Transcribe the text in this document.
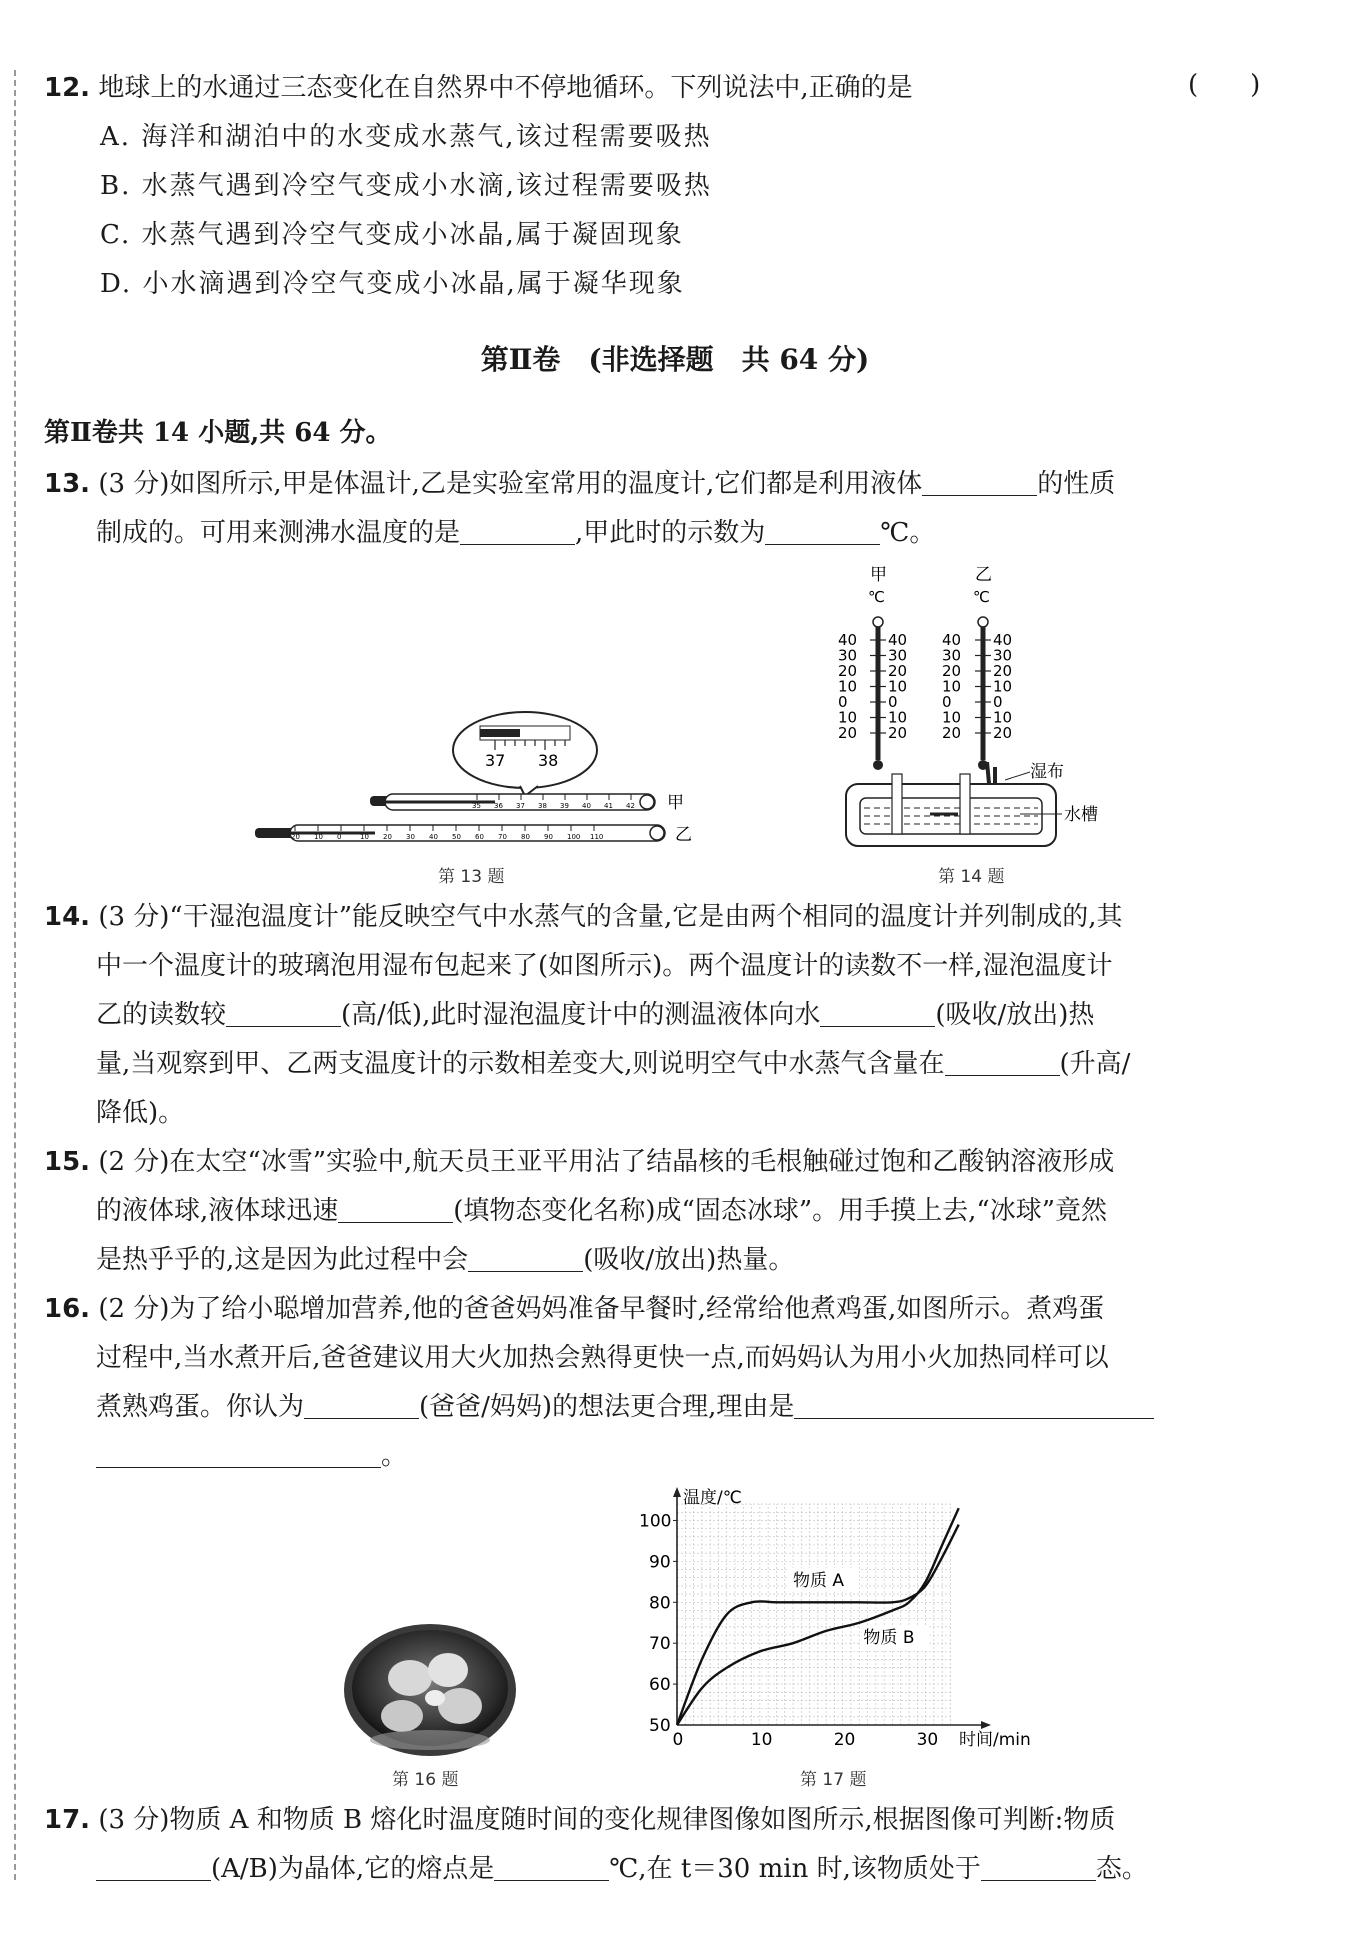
12. 地球上的水通过三态变化在自然界中不停地循环。下列说法中,正确的是	(　　)
A. 海洋和湖泊中的水变成水蒸气,该过程需要吸热
B. 水蒸气遇到冷空气变成小水滴,该过程需要吸热
C. 水蒸气遇到冷空气变成小冰晶,属于凝固现象
D. 小水滴遇到冷空气变成小冰晶,属于凝华现象
第Ⅱ卷　(非选择题　共 64 分)
第Ⅱ卷共 14 小题,共 64 分。
13. (3 分)如图所示,甲是体温计,乙是实验室常用的温度计,它们都是利用液体	的性质

制成的。可用来测沸水温度的是	,甲此时的示数为	℃。
37 38
35 36 37 38 39 40 41 42 甲
20 10 0	10 20 30 40 50 60 70 80 90 100 110	乙
第 13 题
甲	乙
℃	℃
40 40
30 30
20 20
10 10
0	0
10 10
20 20
40 40
30 30
20 20
10 10
0	0
10 10
20 20
湿布
水槽
第 14 题
14. (3 分)“干湿泡温度计”能反映空气中水蒸气的含量,它是由两个相同的温度计并列制成的,其

中一个温度计的玻璃泡用湿布包起来了(如图所示)。两个温度计的读数不一样,湿泡温度计
乙的读数较	(高/低),此时湿泡温度计中的测温液体向水	(吸收/放出)热
量,当观察到甲、乙两支温度计的示数相差变大,则说明空气中水蒸气含量在	(升高/
降低)。
15. (2 分)在太空“冰雪”实验中,航天员王亚平用沾了结晶核的毛根触碰过饱和乙酸钠溶液形成

的液体球,液体球迅速	(填物态变化名称)成“固态冰球”。用手摸上去,“冰球”竟然
是热乎乎的,这是因为此过程中会	(吸收/放出)热量。
16. (2 分)为了给小聪增加营养,他的爸爸妈妈准备早餐时,经常给他煮鸡蛋,如图所示。煮鸡蛋

过程中,当水煮开后,爸爸建议用大火加热会熟得更快一点,而妈妈认为用小火加热同样可以
煮熟鸡蛋。你认为	(爸爸/妈妈)的想法更合理,理由是
。
第 16 题
0	10	20	30
50
60
70
80
90
100
温度/℃
时间/min
物质 A
物质 B
第 17 题
17. (3 分)物质 A 和物质 B 熔化时温度随时间的变化规律图像如图所示,根据图像可判断:物质

(A/B)为晶体,它的熔点是	℃,在 t＝30 min 时,该物质处于	态。
